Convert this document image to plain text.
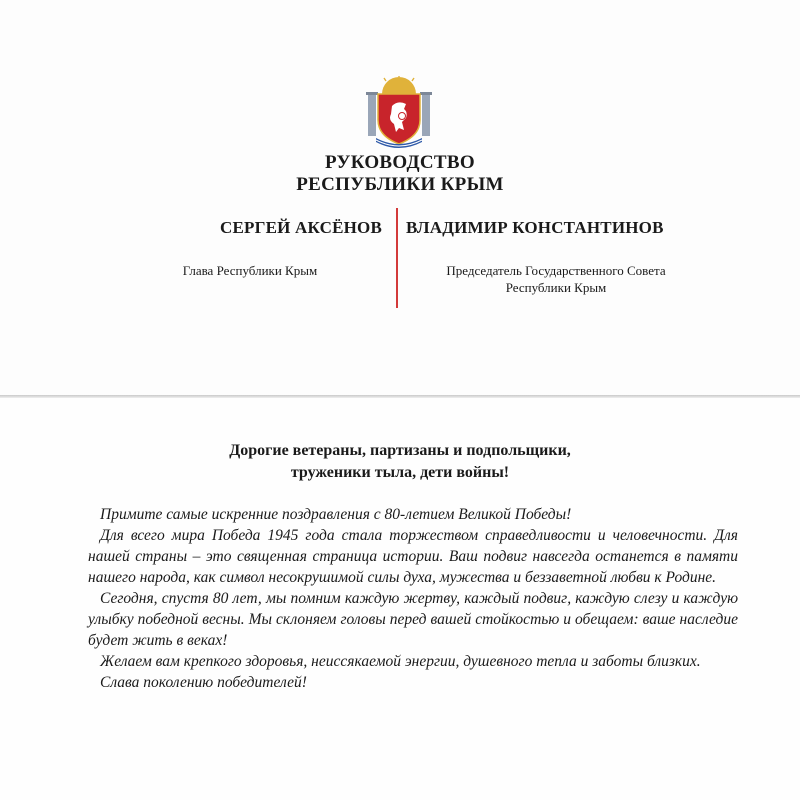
РУКОВОДСТВО
РЕСПУБЛИКИ КРЫМ
СЕРГЕЙ АКСЁНОВ ВЛАДИМИР КОНСТАНТИНОВ
Глава Республики Крым	Председатель Государственного Совета
Республики Крым
Дорогие ветераны, партизаны и подпольщики,
труженики тыла, дети войны!

Примите самые искренние поздравления с 80-летием Великой Победы!

Для всего мира Победа 1945 года стала торжеством справедливости и человечности. Для нашей страны – это священная страница истории. Ваш подвиг навсегда останется в памяти нашего народа, как символ несокрушимой силы духа, мужества и беззаветной любви к Родине.

Сегодня, спустя 80 лет, мы помним каждую жертву, каждый подвиг, каждую слезу и каждую улыбку победной весны. Мы склоняем головы перед вашей стойкостью и обещаем: ваше наследие будет жить в веках!

Желаем вам крепкого здоровья, неиссякаемой энергии, душевного тепла и заботы близких.

Слава поколению победителей!
